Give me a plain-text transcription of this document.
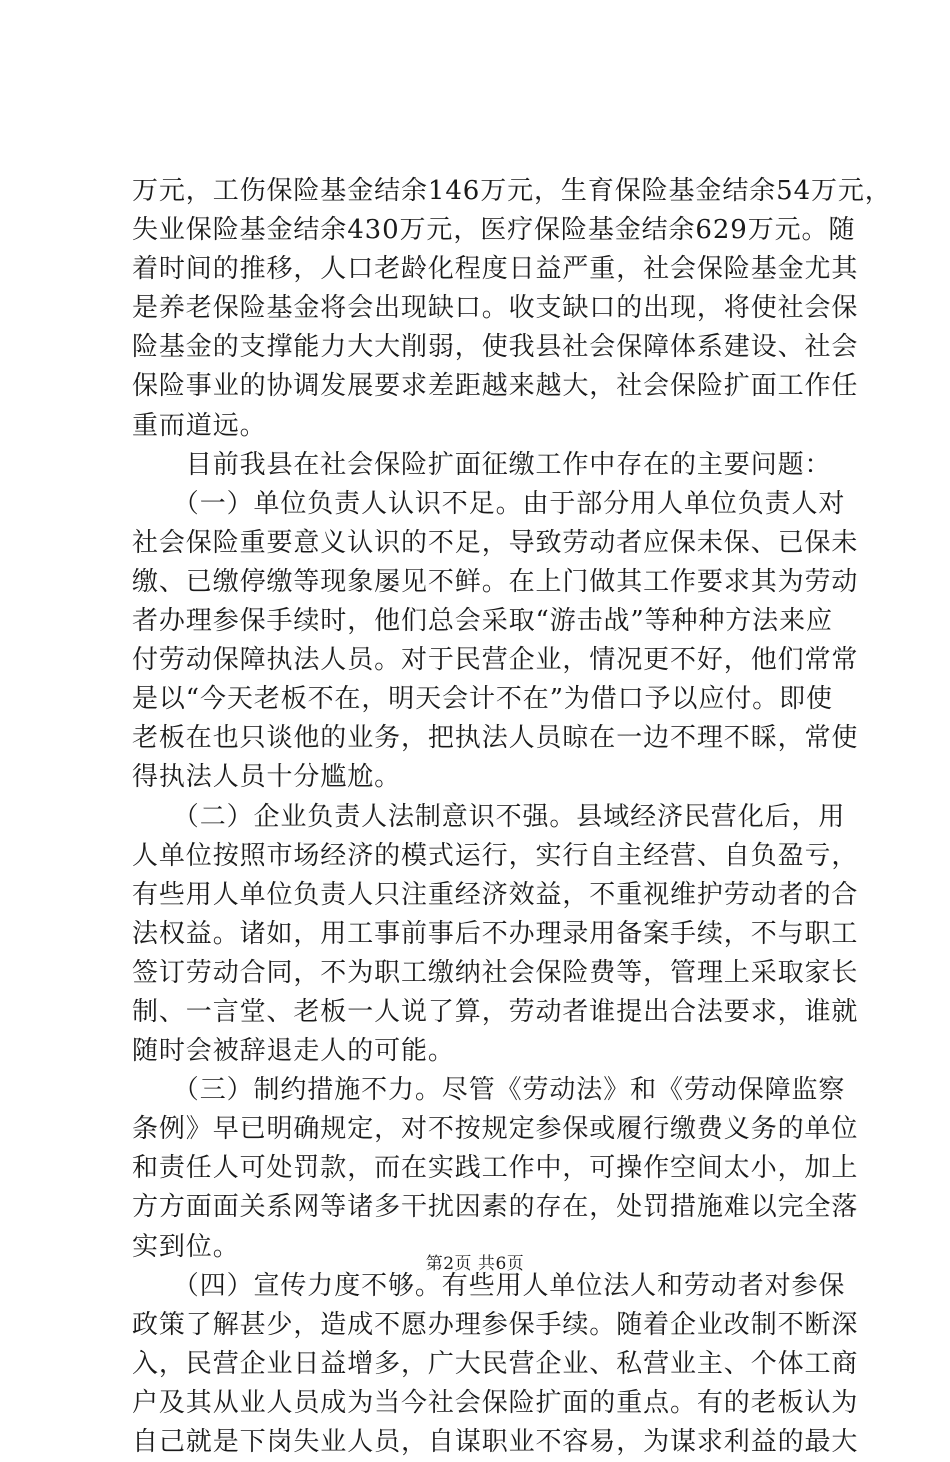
万元，工伤保险基金结余146万元，生育保险基金结余54万元，
失业保险基金结余430万元，医疗保险基金结余629万元。随
着时间的推移，人口老龄化程度日益严重，社会保险基金尤其
是养老保险基金将会出现缺口。收支缺口的出现，将使社会保
险基金的支撑能力大大削弱，使我县社会保障体系建设、社会
保险事业的协调发展要求差距越来越大，社会保险扩面工作任
重而道远。
　　目前我县在社会保险扩面征缴工作中存在的主要问题：
　　（一）单位负责人认识不足。由于部分用人单位负责人对
社会保险重要意义认识的不足，导致劳动者应保未保、已保未
缴、已缴停缴等现象屡见不鲜。在上门做其工作要求其为劳动
者办理参保手续时，他们总会采取“游击战”等种种方法来应
付劳动保障执法人员。对于民营企业，情况更不好，他们常常
是以“今天老板不在，明天会计不在”为借口予以应付。即使
老板在也只谈他的业务，把执法人员晾在一边不理不睬，常使
得执法人员十分尴尬。
　　（二）企业负责人法制意识不强。县域经济民营化后，用
人单位按照市场经济的模式运行，实行自主经营、自负盈亏，
有些用人单位负责人只注重经济效益，不重视维护劳动者的合
法权益。诸如，用工事前事后不办理录用备案手续，不与职工
签订劳动合同，不为职工缴纳社会保险费等，管理上采取家长
制、一言堂、老板一人说了算，劳动者谁提出合法要求，谁就
随时会被辞退走人的可能。
　　（三）制约措施不力。尽管《劳动法》和《劳动保障监察
条例》早已明确规定，对不按规定参保或履行缴费义务的单位
和责任人可处罚款，而在实践工作中，可操作空间太小，加上
方方面面关系网等诸多干扰因素的存在，处罚措施难以完全落
实到位。
　　（四）宣传力度不够。有些用人单位法人和劳动者对参保
政策了解甚少，造成不愿办理参保手续。随着企业改制不断深
入，民营企业日益增多，广大民营企业、私营业主、个体工商
户及其从业人员成为当今社会保险扩面的重点。有的老板认为
自己就是下岗失业人员，自谋职业不容易，为谋求利益的最大
第2页 共6页
